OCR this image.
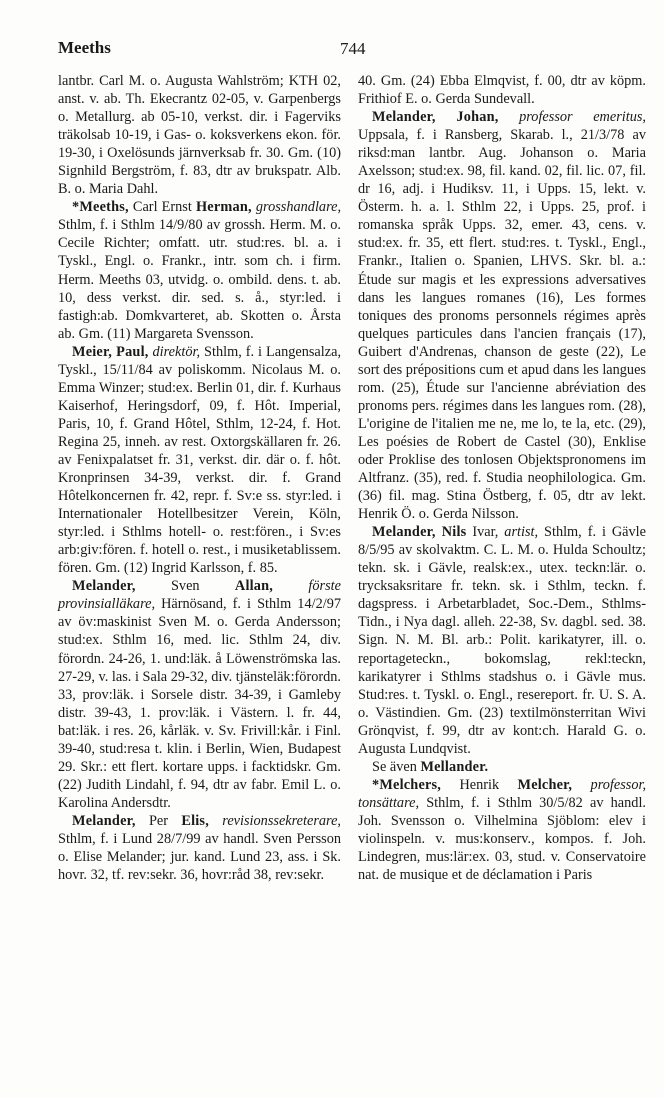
Meeths	744

lantbr. Carl M. o. Augusta Wahlström; KTH 02, anst. v. ab. Th. Ekecrantz 02-05, v. Garpenbergs o. Metallurg. ab 05-10, verkst. dir. i Fagerviks träkolsab 10-19, i Gas- o. koksverkens ekon. för. 19-30, i Oxelösunds järnverksab fr. 30. Gm. (10) Signhild Bergström, f. 83, dtr av brukspatr. Alb. B. o. Maria Dahl.

*Meeths, Carl Ernst Herman, grosshandlare, Sthlm, f. i Sthlm 14/9/80 av grossh. Herm. M. o. Cecile Richter; omfatt. utr. stud:res. bl. a. i Tyskl., Engl. o. Frankr., intr. som ch. i firm. Herm. Meeths 03, utvidg. o. ombild. dens. t. ab. 10, dess verkst. dir. sed. s. å., styr:led. i fastigh:ab. Domkvarteret, ab. Skotten o. Årsta ab. Gm. (11) Margareta Svensson.

Meier, Paul, direktör, Sthlm, f. i Langensalza, Tyskl., 15/11/84 av poliskomm. Nicolaus M. o. Emma Winzer; stud:ex. Berlin 01, dir. f. Kurhaus Kaiserhof, Heringsdorf, 09, f. Hôt. Imperial, Paris, 10, f. Grand Hôtel, Sthlm, 12-24, f. Hot. Regina 25, inneh. av rest. Oxtorgskällaren fr. 26. av Fenixpalatset fr. 31, verkst. dir. där o. f. hôt. Kronprinsen 34-39, verkst. dir. f. Grand Hôtelkoncernen fr. 42, repr. f. Sv:e ss. styr:led. i Internationaler Hotellbesitzer Verein, Köln, styr:led. i Sthlms hotell- o. rest:fören., i Sv:es arb:giv:fören. f. hotell o. rest., i musiketablissem. fören. Gm. (12) Ingrid Karlsson, f. 85.

Melander, Sven Allan, förste provinsialläkare, Härnösand, f. i Sthlm 14/2/97 av öv:maskinist Sven M. o. Gerda Andersson; stud:ex. Sthlm 16, med. lic. Sthlm 24, div. förordn. 24-26, 1. und:läk. å Löwenströmska las. 27-29, v. las. i Sala 29-32, div. tjänsteläk:förordn. 33, prov:läk. i Sorsele distr. 34-39, i Gamleby distr. 39-43, 1. prov:läk. i Västern. l. fr. 44, bat:läk. i res. 26, kårläk. v. Sv. Frivill:kår. i Finl. 39-40, stud:resa t. klin. i Berlin, Wien, Budapest 29. Skr.: ett flert. kortare upps. i facktidskr. Gm. (22) Judith Lindahl, f. 94, dtr av fabr. Emil L. o. Karolina Andersdtr.

Melander, Per Elis, revisionssekreterare, Sthlm, f. i Lund 28/7/99 av handl. Sven Persson o. Elise Melander; jur. kand. Lund 23, ass. i Sk. hovr. 32, tf. rev:sekr. 36, hovr:råd 38, rev:sekr.

40. Gm. (24) Ebba Elmqvist, f. 00, dtr av köpm. Frithiof E. o. Gerda Sundevall.

Melander, Johan, professor emeritus, Uppsala, f. i Ransberg, Skarab. l., 21/3/78 av riksd:man lantbr. Aug. Johanson o. Maria Axelsson; stud:ex. 98, fil. kand. 02, fil. lic. 07, fil. dr 16, adj. i Hudiksv. 11, i Upps. 15, lekt. v. Österm. h. a. l. Sthlm 22, i Upps. 25, prof. i romanska språk Upps. 32, emer. 43, cens. v. stud:ex. fr. 35, ett flert. stud:res. t. Tyskl., Engl., Frankr., Italien o. Spanien, LHVS. Skr. bl. a.: Étude sur magis et les expressions adversatives dans les langues romanes (16), Les formes toniques des pronoms personnels régimes après quelques particules dans l'ancien français (17), Guibert d'Andrenas, chanson de geste (22), Le sort des prépositions cum et apud dans les langues rom. (25), Étude sur l'ancienne abréviation des pronoms pers. régimes dans les langues rom. (28), L'origine de l'italien me ne, me lo, te la, etc. (29), Les poésies de Robert de Castel (30), Enklise oder Proklise des tonlosen Objektspronomens im Altfranz. (35), red. f. Studia neophilologica. Gm. (36) fil. mag. Stina Östberg, f. 05, dtr av lekt. Henrik Ö. o. Gerda Nilsson.

Melander, Nils Ivar, artist, Sthlm, f. i Gävle 8/5/95 av skolvaktm. C. L. M. o. Hulda Schoultz; tekn. sk. i Gävle, realsk:ex., utex. teckn:lär. o. trycksaksritare fr. tekn. sk. i Sthlm, teckn. f. dagspress. i Arbetarbladet, Soc.-Dem., Sthlms-Tidn., i Nya dagl. alleh. 22-38, Sv. dagbl. sed. 38. Sign. N. M. Bl. arb.: Polit. karikatyrer, ill. o. reportageteckn., bokomslag, rekl:teckn, karikatyrer i Sthlms stadshus o. i Gävle mus. Stud:res. t. Tyskl. o. Engl., resereport. fr. U. S. A. o. Västindien. Gm. (23) textilmönsterritan Wivi Grönqvist, f. 99, dtr av kont:ch. Harald G. o. Augusta Lundqvist.

Se även Mellander.

*Melchers, Henrik Melcher, professor, tonsättare, Sthlm, f. i Sthlm 30/5/82 av handl. Joh. Svensson o. Vilhelmina Sjöblom: elev i violinspeln. v. mus:konserv., kompos. f. Joh. Lindegren, mus:lär:ex. 03, stud. v. Conservatoire nat. de musique et de déclamation i Paris
